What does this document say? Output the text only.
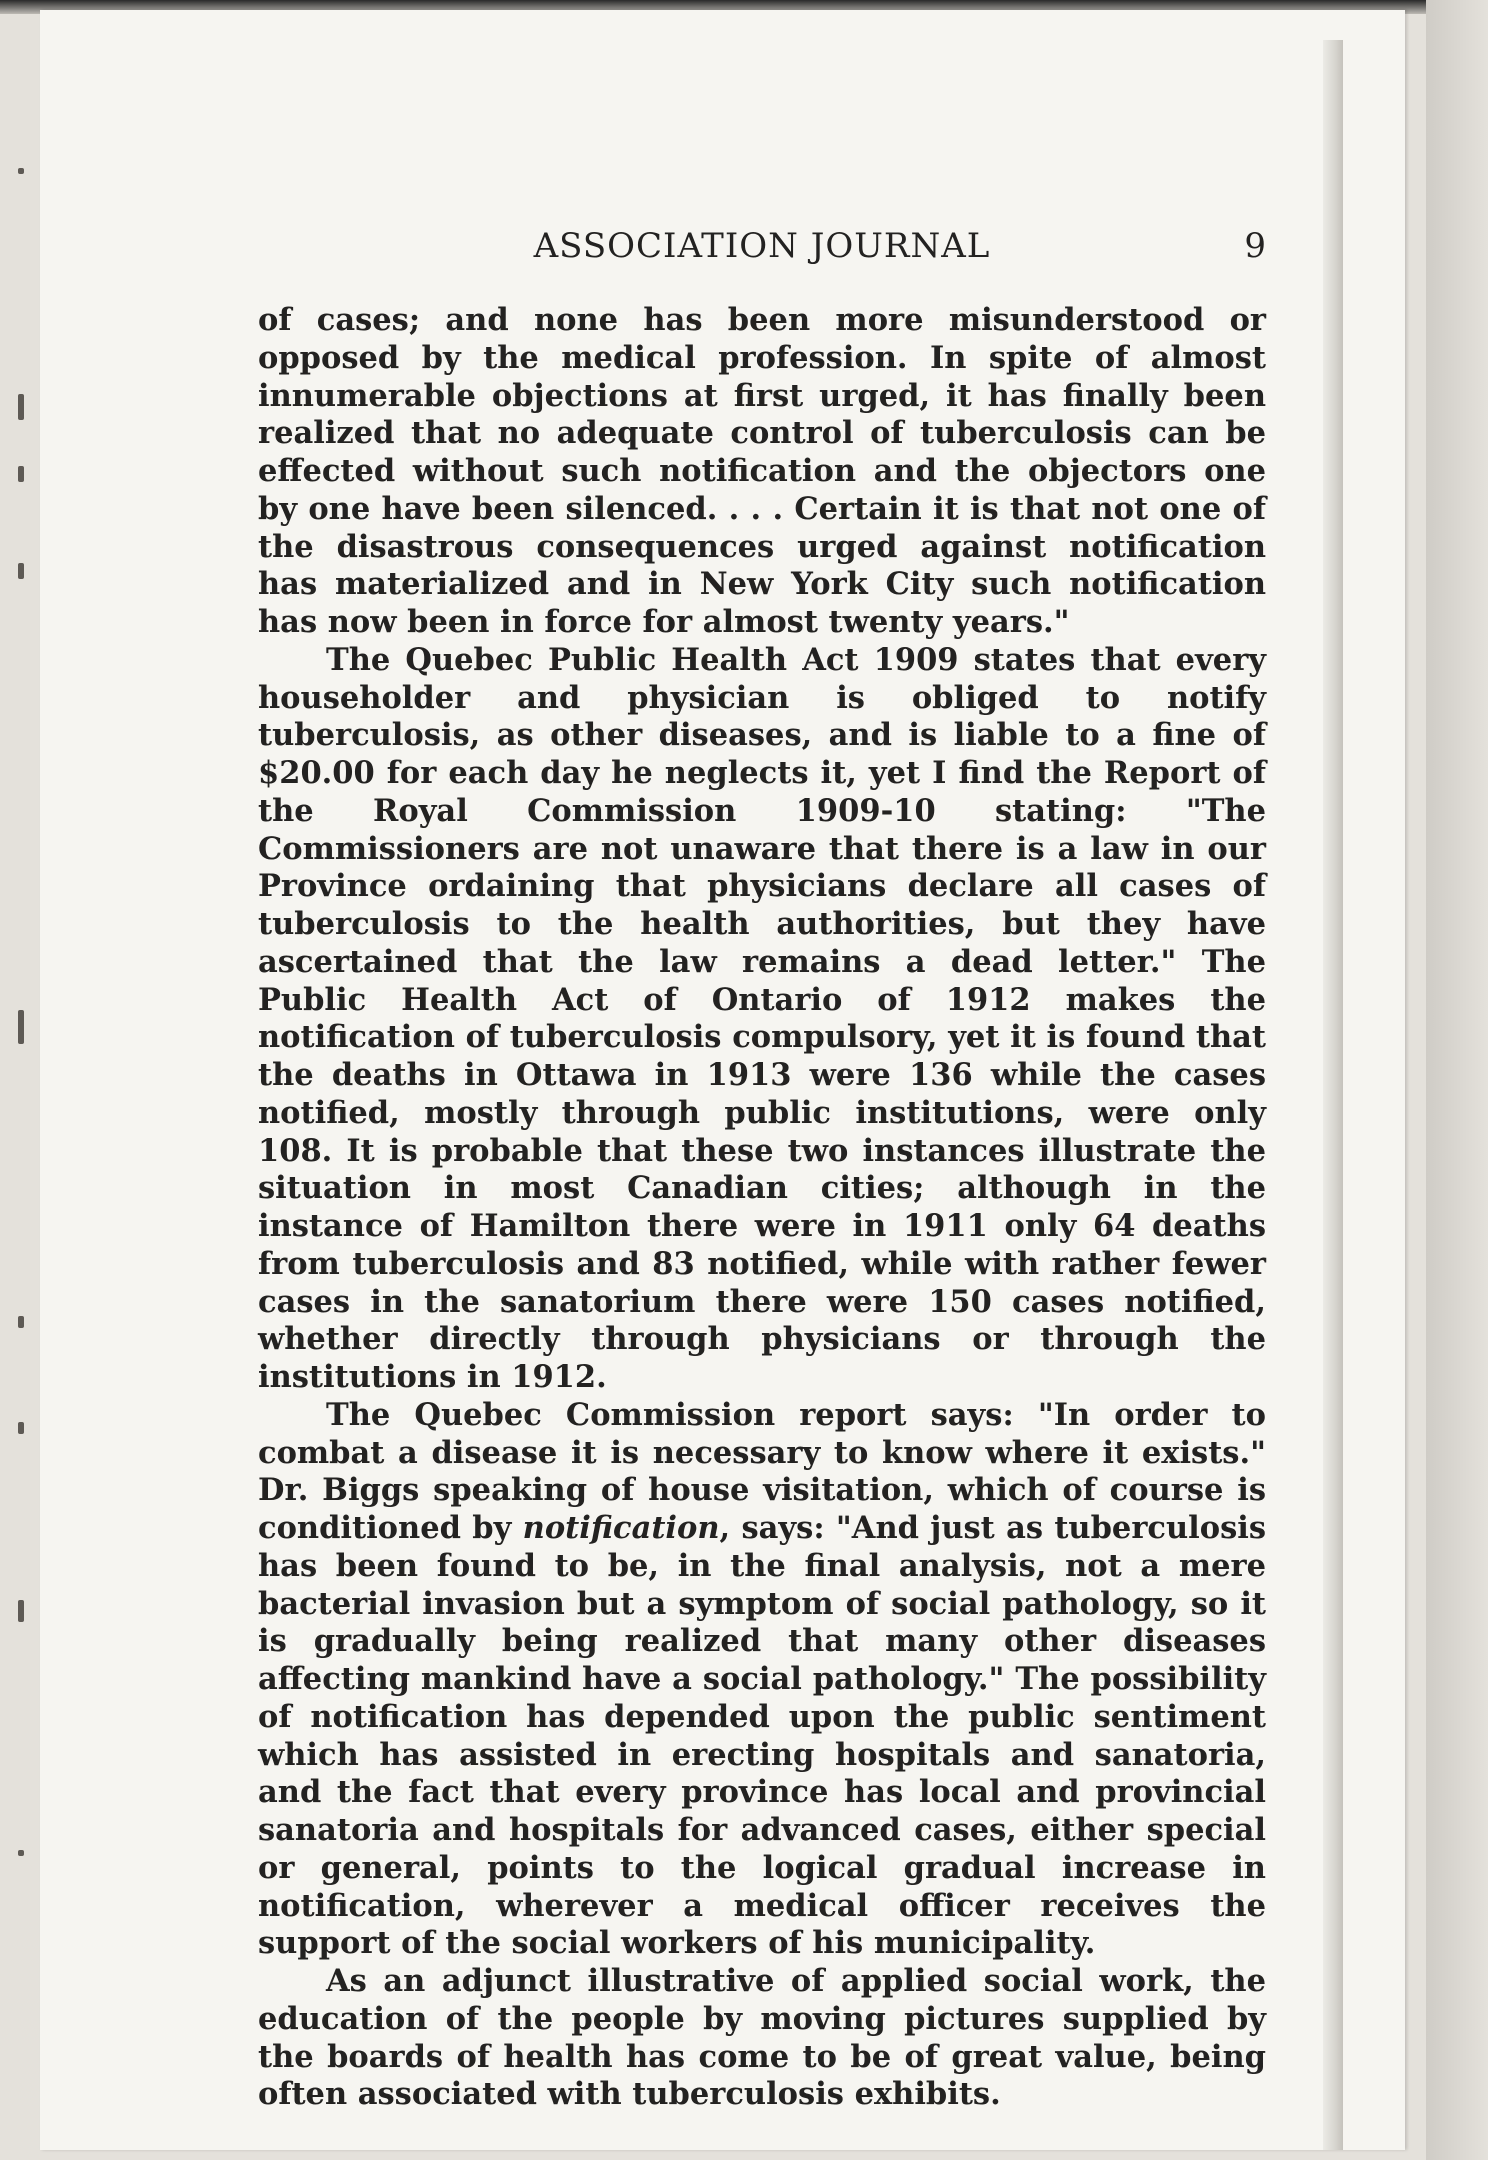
ASSOCIATION JOURNAL	9

of cases; and none has been more misunderstood or opposed by the medical profession. In spite of almost innumerable objections at first urged, it has finally been realized that no adequate control of tuberculosis can be effected without such notification and the objectors one by one have been silenced. . . . Certain it is that not one of the disastrous consequences urged against notification has materialized and in New York City such notification has now been in force for almost twenty years."

The Quebec Public Health Act 1909 states that every householder and physician is obliged to notify tuberculosis, as other diseases, and is liable to a fine of $20.00 for each day he neglects it, yet I find the Report of the Royal Commission 1909-10 stating: "The Commissioners are not unaware that there is a law in our Province ordaining that physicians declare all cases of tuberculosis to the health authorities, but they have ascertained that the law remains a dead letter." The Public Health Act of Ontario of 1912 makes the notification of tuberculosis compulsory, yet it is found that the deaths in Ottawa in 1913 were 136 while the cases notified, mostly through public institutions, were only 108. It is probable that these two instances illustrate the situation in most Canadian cities; although in the instance of Hamilton there were in 1911 only 64 deaths from tuberculosis and 83 notified, while with rather fewer cases in the sanatorium there were 150 cases notified, whether directly through physicians or through the institutions in 1912.

The Quebec Commission report says: "In order to combat a disease it is necessary to know where it exists." Dr. Biggs speaking of house visitation, which of course is conditioned by notification, says: "And just as tuberculosis has been found to be, in the final analysis, not a mere bacterial invasion but a symptom of social pathology, so it is gradually being realized that many other diseases affecting mankind have a social pathology." The possibility of notification has depended upon the public sentiment which has assisted in erecting hospitals and sanatoria, and the fact that every province has local and provincial sanatoria and hospitals for advanced cases, either special or general, points to the logical gradual increase in notification, wherever a medical officer receives the support of the social workers of his municipality.

As an adjunct illustrative of applied social work, the education of the people by moving pictures supplied by the boards of health has come to be of great value, being often associated with tuberculosis exhibits.
